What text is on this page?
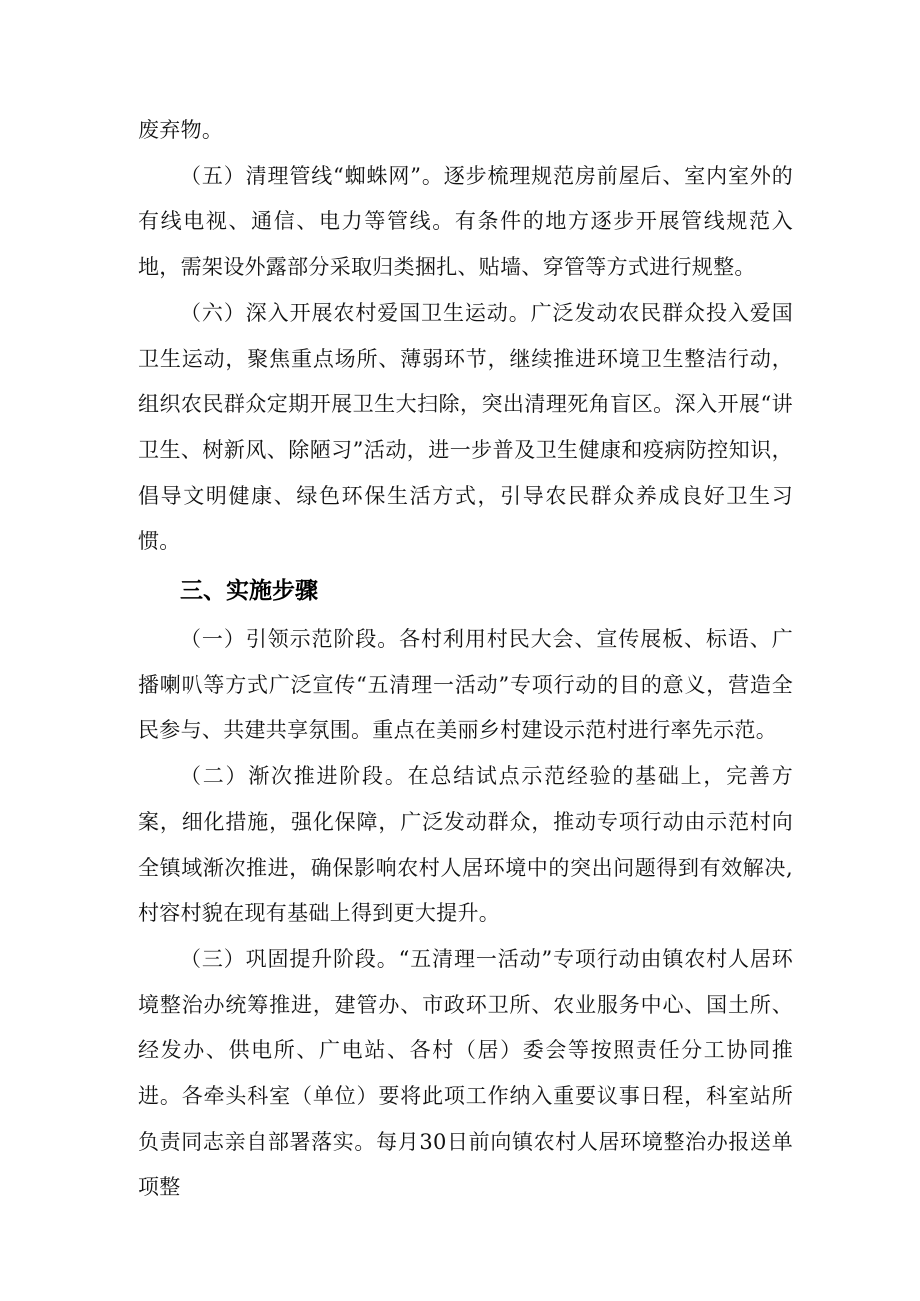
废弃物。

（五）清理管线“蜘蛛网”。逐步梳理规范房前屋后、室内室外的有线电视、通信、电力等管线。有条件的地方逐步开展管线规范入地，需架设外露部分采取归类捆扎、贴墙、穿管等方式进行规整。

（六）深入开展农村爱国卫生运动。广泛发动农民群众投入爱国卫生运动，聚焦重点场所、薄弱环节，继续推进环境卫生整洁行动，组织农民群众定期开展卫生大扫除，突出清理死角盲区。深入开展“讲卫生、树新风、除陋习”活动，进一步普及卫生健康和疫病防控知识，倡导文明健康、绿色环保生活方式，引导农民群众养成良好卫生习惯。

三、实施步骤

（一）引领示范阶段。各村利用村民大会、宣传展板、标语、广播喇叭等方式广泛宣传“五清理一活动”专项行动的目的意义，营造全民参与、共建共享氛围。重点在美丽乡村建设示范村进行率先示范。

（二）渐次推进阶段。在总结试点示范经验的基础上，完善方案，细化措施，强化保障，广泛发动群众，推动专项行动由示范村向全镇域渐次推进，确保影响农村人居环境中的突出问题得到有效解决,村容村貌在现有基础上得到更大提升。

（三）巩固提升阶段。“五清理一活动”专项行动由镇农村人居环境整治办统筹推进，建管办、市政环卫所、农业服务中心、国土所、经发办、供电所、广电站、各村（居）委会等按照责任分工协同推进。各牵头科室（单位）要将此项工作纳入重要议事日程，科室站所负责同志亲自部署落实。每月30日前向镇农村人居环境整治办报送单项整
